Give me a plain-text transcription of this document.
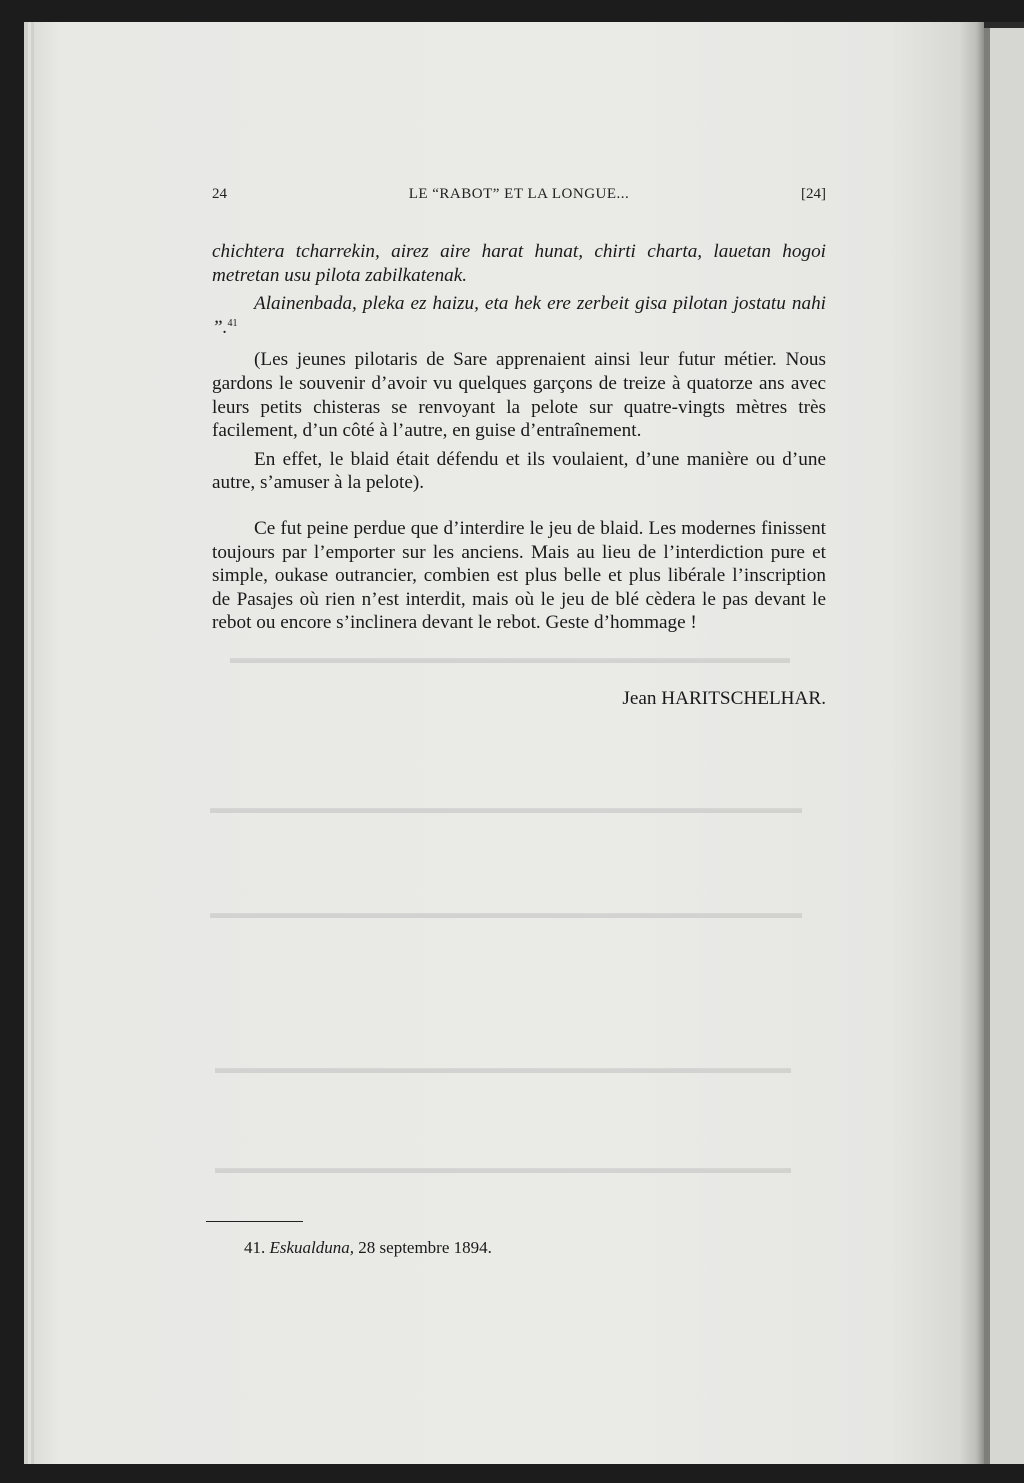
▬▬▬▬▬▬▬▬▬▬▬▬▬▬▬▬▬▬▬▬▬▬▬▬▬▬▬▬▬▬▬▬▬▬▬
▬▬▬▬▬▬▬▬▬▬▬▬▬▬▬▬▬▬▬▬▬▬▬▬▬▬▬▬▬▬▬▬▬▬▬▬▬
▬▬▬▬▬▬▬▬▬▬▬▬▬▬▬▬▬▬▬▬▬▬▬▬▬▬▬▬▬▬▬▬▬▬▬▬▬
▬▬▬▬▬▬▬▬▬▬▬▬▬▬▬▬▬▬▬▬▬▬▬▬▬▬▬▬▬▬▬▬▬▬▬▬
▬▬▬▬▬▬▬▬▬▬▬▬▬▬▬▬▬▬▬▬▬▬▬▬▬▬▬▬▬▬▬▬▬▬▬▬
24	LE “RABOT” ET LA LONGUE...	[24]

chichtera tcharrekin, airez aire harat hunat, chirti charta, lauetan hogoi metretan usu pilota zabilkatenak.

Alainenbada, pleka ez haizu, eta hek ere zerbeit gisa pilotan jostatu nahi ”.$^{41}$

(Les jeunes pilotaris de Sare apprenaient ainsi leur futur métier. Nous gardons le souvenir d’avoir vu quelques garçons de treize à quatorze ans avec leurs petits chisteras se renvoyant la pelote sur quatre-vingts mètres très facilement, d’un côté à l’autre, en guise d’entraînement.

En effet, le blaid était défendu et ils voulaient, d’une manière ou d’une autre, s’amuser à la pelote).

Ce fut peine perdue que d’interdire le jeu de blaid. Les modernes finissent toujours par l’emporter sur les anciens. Mais au lieu de l’interdiction pure et simple, oukase outrancier, combien est plus belle et plus libérale l’inscription de Pasajes où rien n’est interdit, mais où le jeu de blé cèdera le pas devant le rebot ou encore s’inclinera devant le rebot. Geste d’hommage !

Jean HARITSCHELHAR.
41. Eskualduna, 28 septembre 1894.
